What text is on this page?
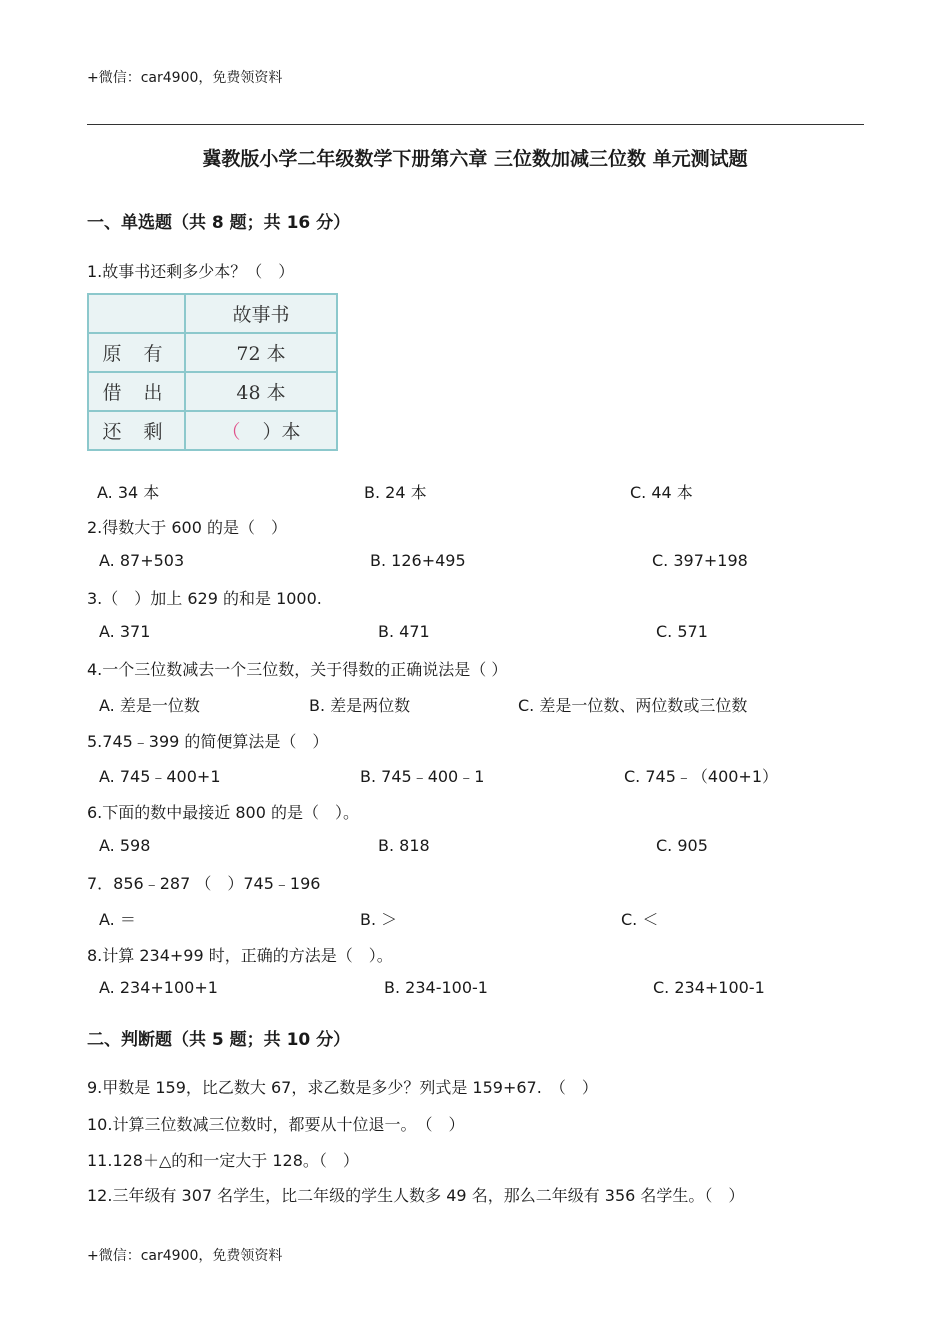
+微信：car4900，免费领资料
冀教版小学二年级数学下册第六章 三位数加减三位数 单元测试题
一、单选题（共 8 题；共 16 分）
1.故事书还剩多少本？（　）
	故事书
原 有	72 本
借 出	48 本
还 剩	（ ）本
A. 34 本	B. 24 本	C. 44 本
2.得数大于 600 的是（　）
A. 87+503	B. 126+495	C. 397+198
3.（　）加上 629 的和是 1000.
A. 371	B. 471	C. 571
4.一个三位数减去一个三位数，关于得数的正确说法是（ ）
A. 差是一位数	B. 差是两位数	C. 差是一位数、两位数或三位数
5.745﹣399 的简便算法是（　）
A. 745﹣400+1	B. 745﹣400﹣1	C. 745﹣（400+1）
6.下面的数中最接近 800 的是（　）。
A. 598	B. 818	C. 905
7．856﹣287 （　）745﹣196
A. ＝	B. ＞	C. ＜
8.计算 234+99 时，正确的方法是（　）。
A. 234+100+1	B. 234-100-1	C. 234+100-1
二、判断题（共 5 题；共 10 分）
9.甲数是 159，比乙数大 67，求乙数是多少？列式是 159+67.　（　）
10.计算三位数减三位数时，都要从十位退一。　（　）
11.128＋△的和一定大于 128。（　）
12.三年级有 307 名学生，比二年级的学生人数多 49 名，那么二年级有 356 名学生。（　）
+微信：car4900，免费领资料
